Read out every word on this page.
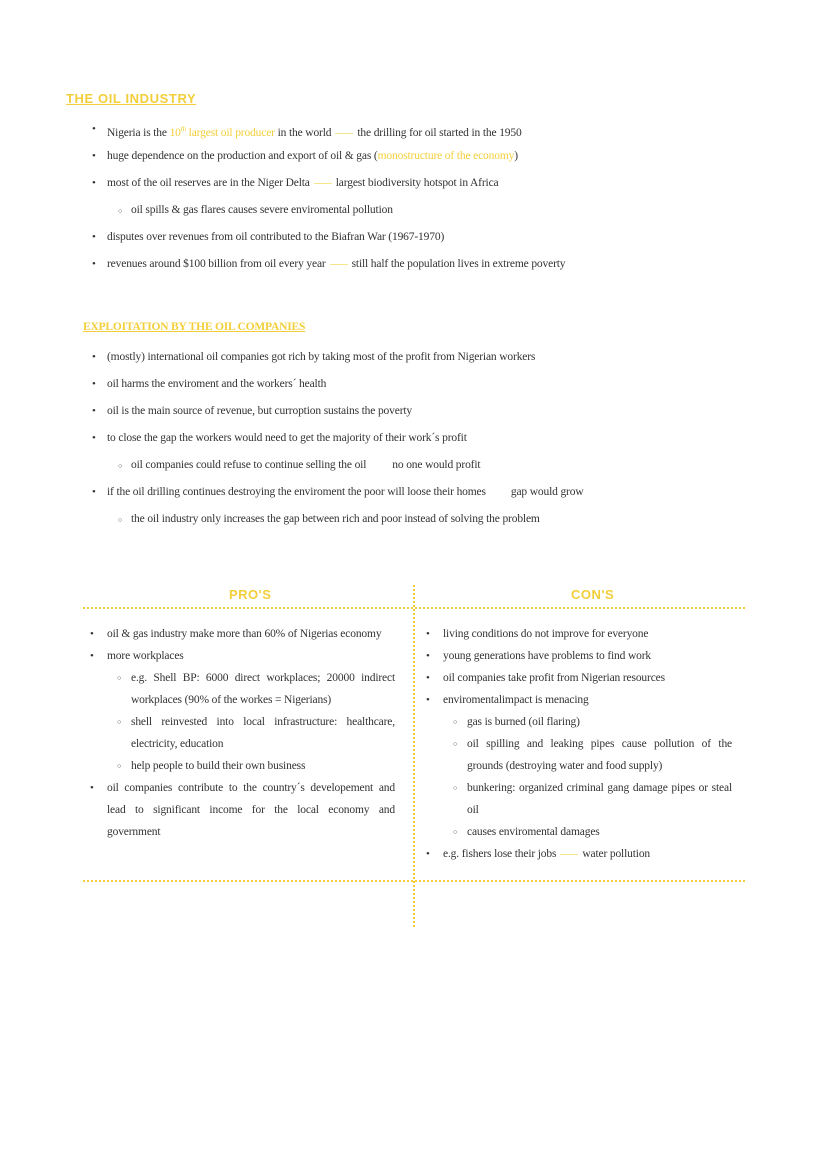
THE OIL INDUSTRY
• Nigeria is the 10th largest oil producer in the world the drilling for oil started in the 1950
• huge dependence on the production and export of oil & gas (monostructure of the economy)
• most of the oil reserves are in the Niger Delta largest biodiversity hotspot in Africa
○ oil spills & gas flares causes severe enviromental pollution
• disputes over revenues from oil contributed to the Biafran War (1967-1970)
• revenues around $100 billion from oil every year still half the population lives in extreme poverty
EXPLOITATION BY THE OIL COMPANIES
• (mostly) international oil companies got rich by taking most of the profit from Nigerian workers
• oil harms the enviroment and the workers´ health
• oil is the main source of revenue, but curroption sustains the poverty
• to close the gap the workers would need to get the majority of their work´s profit
○ oil companies could refuse to continue selling the oil no one would profit
• if the oil drilling continues destroying the enviroment the poor will loose their homes gap would grow
○ the oil industry only increases the gap between rich and poor instead of solving the problem
PRO'S	CON'S
• oil & gas industry make more than 60% of Nigerias economy
• more workplaces
○ e.g. Shell BP: 6000 direct workplaces; 20000 indirect workplaces (90% of the workes = Nigerians)
○ shell reinvested into local infrastructure: healthcare, electricity, education
○ help people to build their own business
• oil companies contribute to the country´s developement and lead to significant income for the local economy and government
• living conditions do not improve for everyone
• young generations have problems to find work
• oil companies take profit from Nigerian resources
• enviromentalimpact is menacing
○ gas is burned (oil flaring)
○ oil spilling and leaking pipes cause pollution of the grounds (destroying water and food supply)
○ bunkering: organized criminal gang damage pipes or steal oil
○ causes enviromental damages
• e.g. fishers lose their jobs water pollution
